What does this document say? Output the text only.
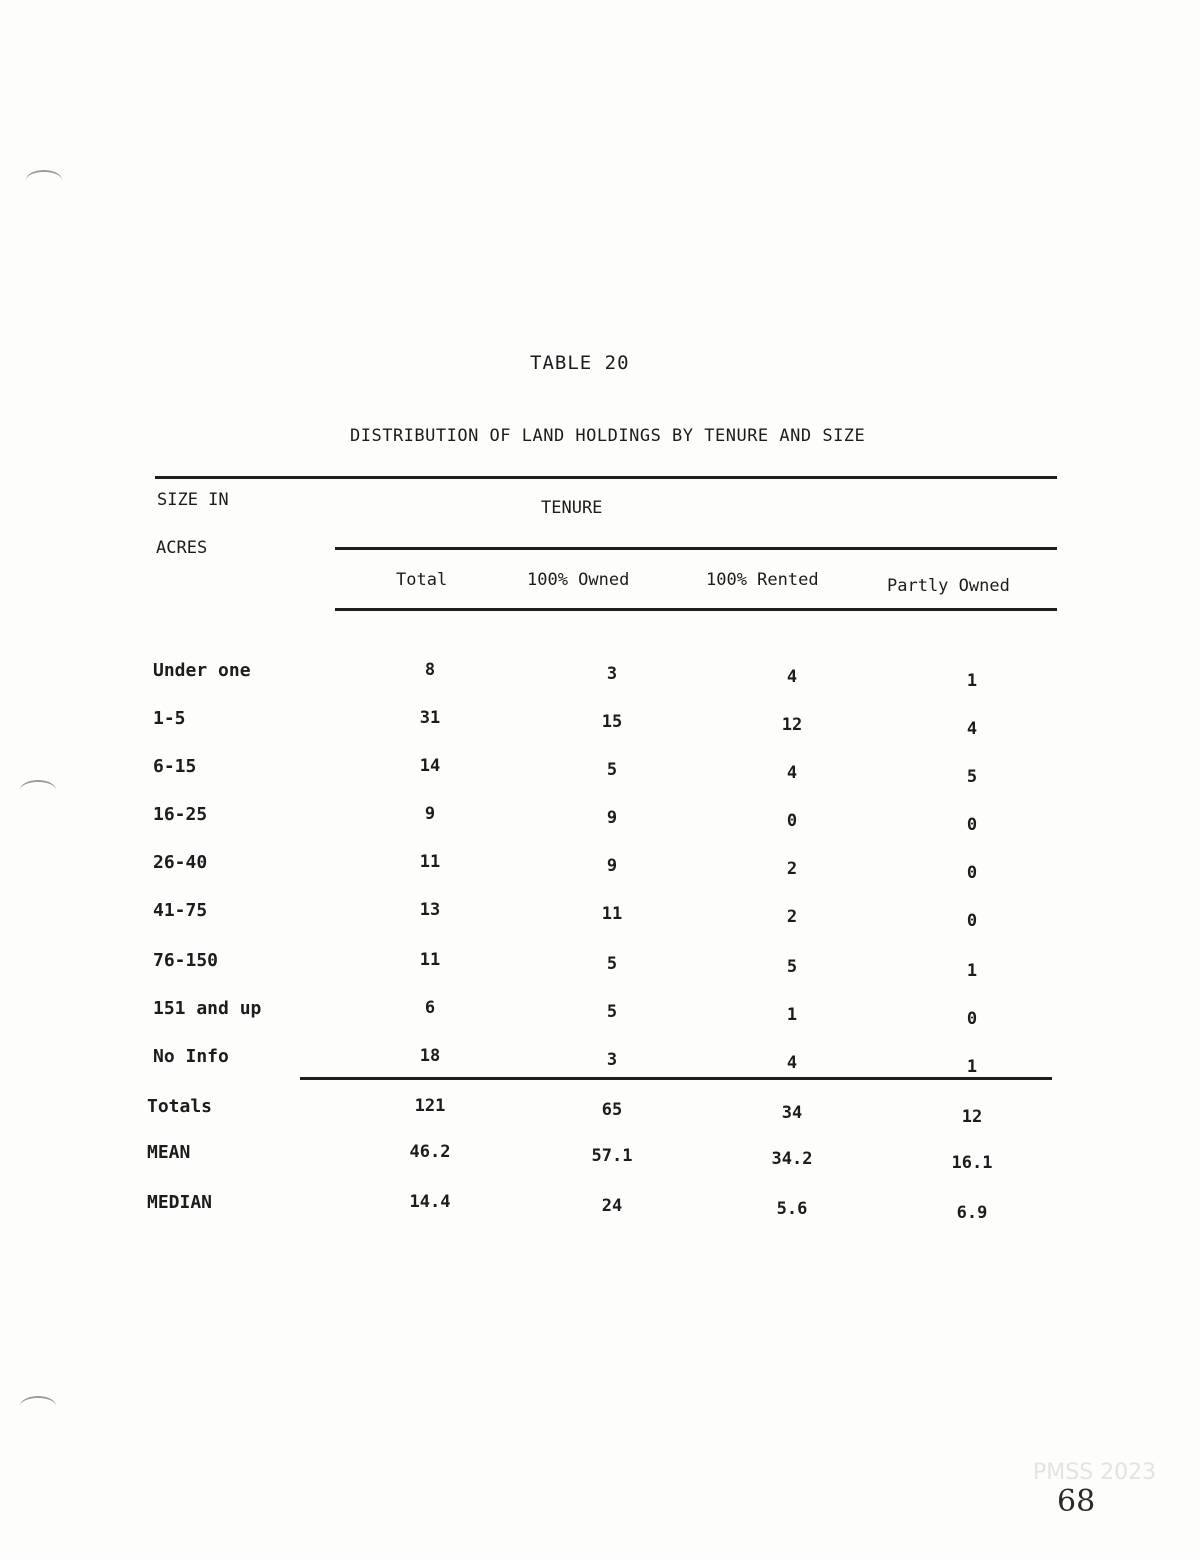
TABLE 20
DISTRIBUTION OF LAND HOLDINGS BY TENURE AND SIZE
SIZE IN
ACRES
TENURE
Total	100% Owned	100% Rented	Partly Owned
Under one	8	3	4	1
1-5	31	15	12	4
6-15	14	5	4	5
16-25	9	9	0	0
26-40	11	9	2	0
41-75	13	11	2	0
76-150	11	5	5	1
151 and up	6	5	1	0
No Info	18	3	4	1
Totals	121	65	34	12
MEAN	46.2	57.1	34.2	16.1
MEDIAN	14.4	24	5.6	6.9
PMSS 2023
68
